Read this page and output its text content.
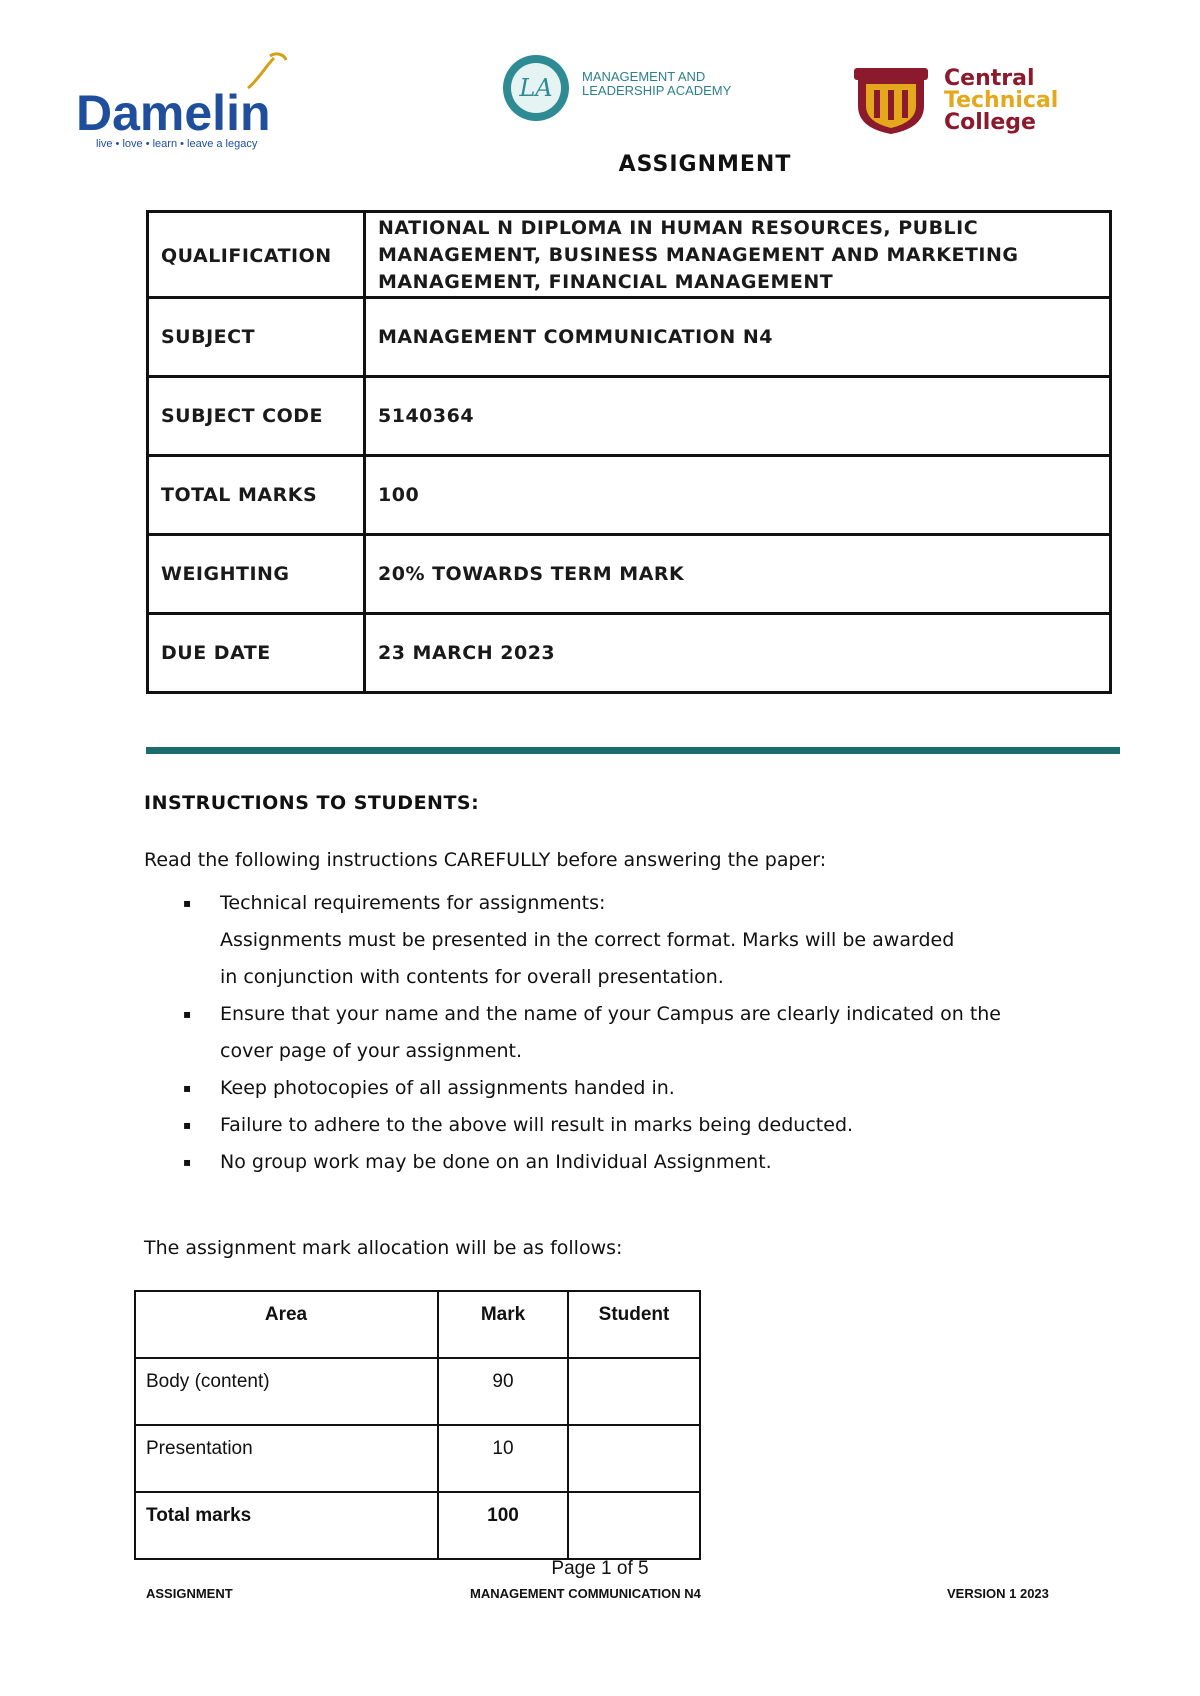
Damelin
live • love • learn • leave a legacy
LA MANAGEMENT AND
LEADERSHIP ACADEMY	Central
Technical
College
ASSIGNMENT
QUALIFICATION	NATIONAL N DIPLOMA IN HUMAN RESOURCES, PUBLIC
MANAGEMENT, BUSINESS MANAGEMENT AND MARKETING
MANAGEMENT, FINANCIAL MANAGEMENT

SUBJECT	MANAGEMENT COMMUNICATION N4
SUBJECT CODE	5140364
TOTAL MARKS	100
WEIGHTING	20% TOWARDS TERM MARK
DUE DATE	23 MARCH 2023
INSTRUCTIONS TO STUDENTS:
Read the following instructions CAREFULLY before answering the paper:
▪ Technical requirements for assignments:
Assignments must be presented in the correct format. Marks will be awarded
in conjunction with contents for overall presentation.
▪ Ensure that your name and the name of your Campus are clearly indicated on the
cover page of your assignment.
▪ Keep photocopies of all assignments handed in.
▪ Failure to adhere to the above will result in marks being deducted.
▪ No group work may be done on an Individual Assignment.
The assignment mark allocation will be as follows:
Area	Mark	Student
Body (content)	90	
Presentation	10	
Total marks	100	
Page 1 of 5
ASSIGNMENT	MANAGEMENT COMMUNICATION N4	VERSION 1 2023
